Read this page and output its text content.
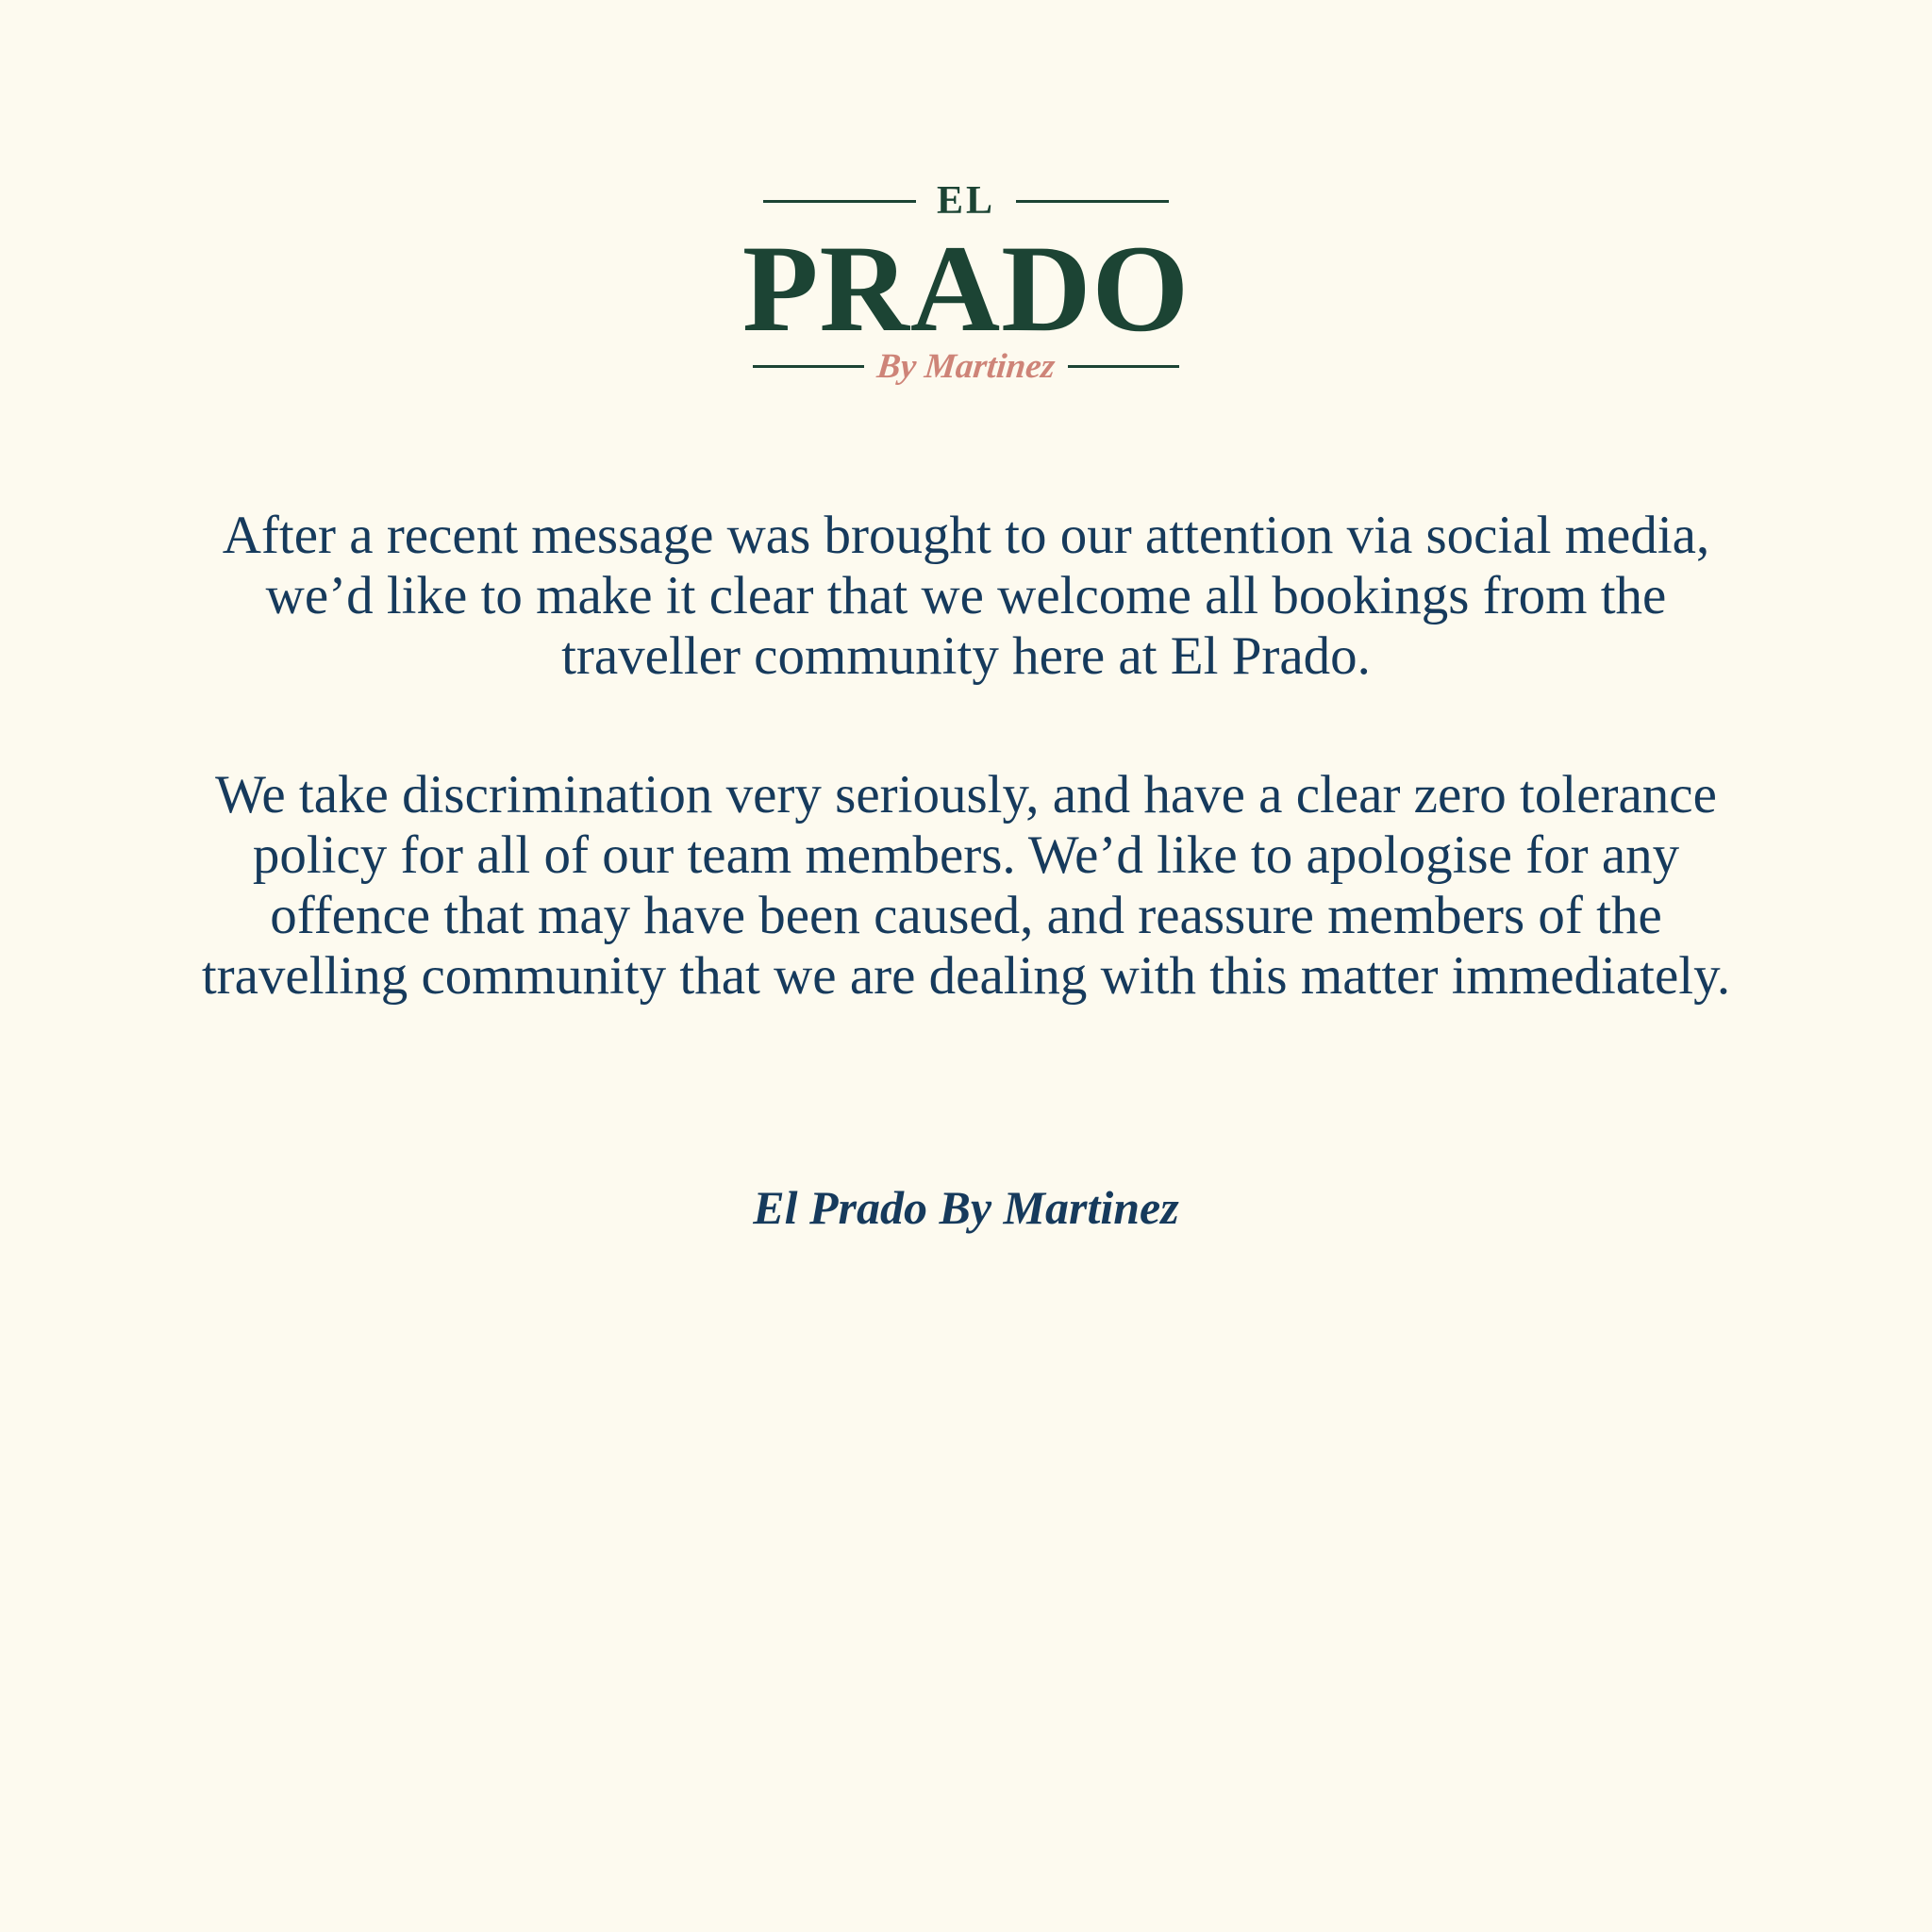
EL
PRADO
By Martinez

After a recent message was brought to our attention via social media, we’d like to make it clear that we welcome all bookings from the traveller community here at El Prado.

We take discrimination very seriously, and have a clear zero tolerance policy for all of our team members. We’d like to apologise for any offence that may have been caused, and reassure members of the travelling community that we are dealing with this matter immediately.

El Prado By Martinez
